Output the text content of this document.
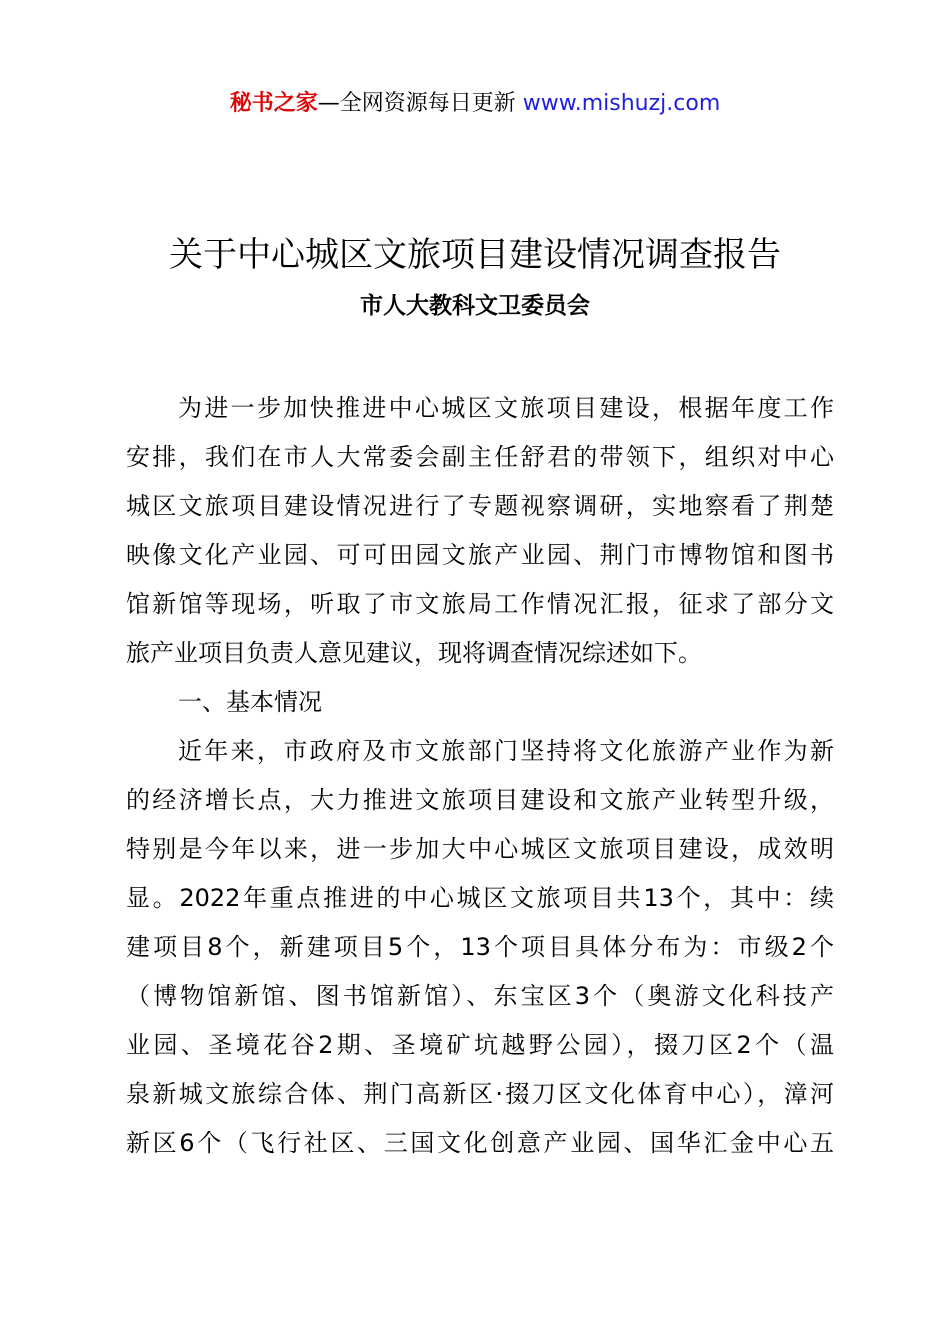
秘书之家—全网资源每日更新 www.mishuzj.com
关于中心城区文旅项目建设情况调查报告
市人大教科文卫委员会
为进一步加快推进中心城区文旅项目建设，根据年度工作
安排，我们在市人大常委会副主任舒君的带领下，组织对中心
城区文旅项目建设情况进行了专题视察调研，实地察看了荆楚
映像文化产业园、可可田园文旅产业园、荆门市博物馆和图书
馆新馆等现场，听取了市文旅局工作情况汇报，征求了部分文
旅产业项目负责人意见建议，现将调查情况综述如下。
一、基本情况
近年来，市政府及市文旅部门坚持将文化旅游产业作为新
的经济增长点，大力推进文旅项目建设和文旅产业转型升级，
特别是今年以来，进一步加大中心城区文旅项目建设，成效明
显。2022年重点推进的中心城区文旅项目共13个，其中：续
建项目8个，新建项目5个，13个项目具体分布为：市级2个
（博物馆新馆、图书馆新馆）、东宝区3个（奥游文化科技产
业园、圣境花谷2期、圣境矿坑越野公园），掇刀区2个（温
泉新城文旅综合体、荆门高新区·掇刀区文化体育中心），漳河
新区6个（飞行社区、三国文化创意产业园、国华汇金中心五
